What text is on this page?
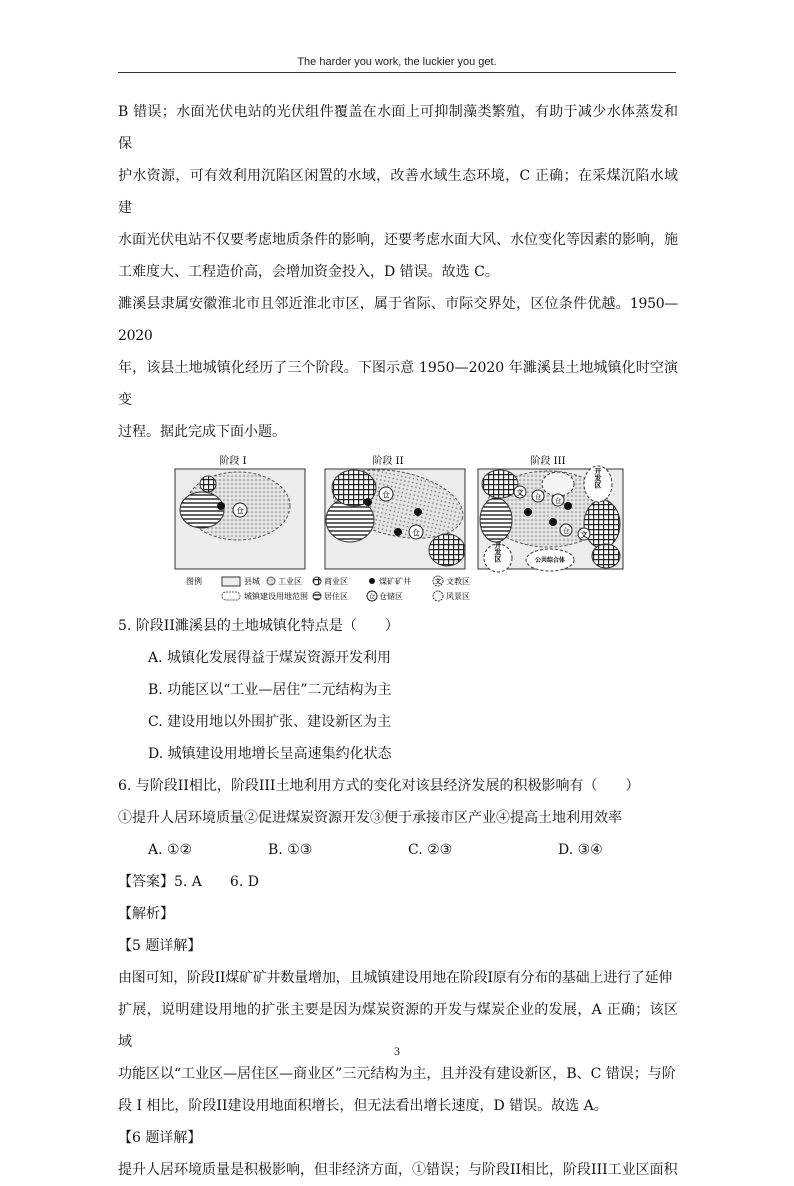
The harder you work, the luckier you get.

B 错误；水面光伏电站的光伏组件覆盖在水面上可抑制藻类繁殖，有助于减少水体蒸发和保

护水资源，可有效利用沉陷区闲置的水域，改善水域生态环境，C 正确；在采煤沉陷水域建

水面光伏电站不仅要考虑地质条件的影响，还要考虑水面大风、水位变化等因素的影响，施

工难度大、工程造价高，会增加资金投入，D 错误。故选 C。

濉溪县隶属安徽淮北市且邻近淮北市区，属于省际、市际交界处，区位条件优越。1950—2020

年，该县土地城镇化经历了三个阶段。下图示意 1950—2020 年濉溪县土地城镇化时空演变

过程。据此完成下面小题。

阶段 I	阶段 II	阶段 III
仓
仓
仓
开发区
开发区	公共综合体
文
文
仓 仓
仓
图例	县城 工业区	商业区	煤矿矿井	文 文教区
城镇建设用地范围 居住区	仓 仓储区	风景区

5. 阶段II濉溪县的土地城镇化特点是（　　）

A. 城镇化发展得益于煤炭资源开发利用

B. 功能区以“工业—居住”二元结构为主

C. 建设用地以外围扩张、建设新区为主

D. 城镇建设用地增长呈高速集约化状态

6. 与阶段II相比，阶段III土地利用方式的变化对该县经济发展的积极影响有（　　）

①提升人居环境质量②促进煤炭资源开发③便于承接市区产业④提高土地利用效率

A. ①②	B. ①③	C. ②③	D. ③④

【答案】5. A　　6. D

【解析】

【5 题详解】

由图可知，阶段II煤矿矿井数量增加，且城镇建设用地在阶段I原有分布的基础上进行了延伸

扩展，说明建设用地的扩张主要是因为煤炭资源的开发与煤炭企业的发展，A 正确；该区域

功能区以“工业区—居住区—商业区”三元结构为主，且并没有建设新区，B、C 错误；与阶

段 I 相比，阶段II建设用地面积增长，但无法看出增长速度，D 错误。故选 A。

【6 题详解】

提升人居环境质量是积极影响，但非经济方面，①错误；与阶段II相比，阶段III工业区面积

3
